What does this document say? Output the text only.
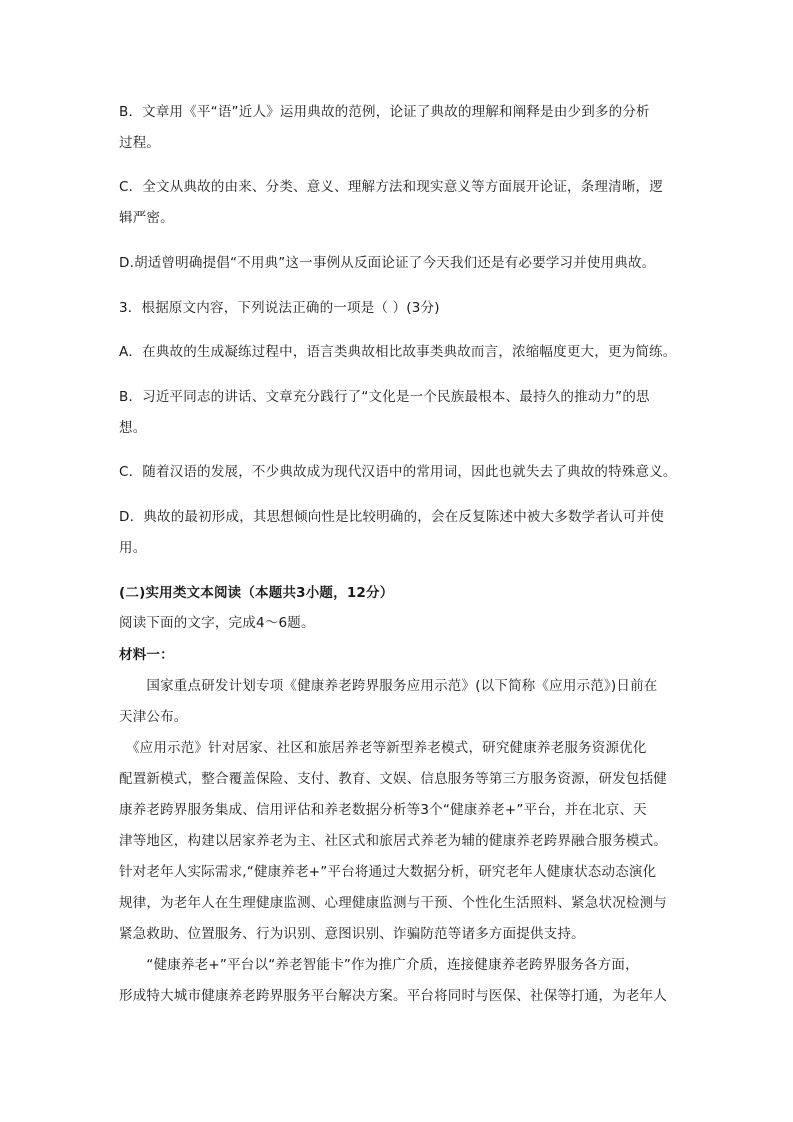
B．文章用《平“语”近人》运用典故的范例，论证了典故的理解和阐释是由少到多的分析
过程。
C．全文从典故的由来、分类、意义、理解方法和现实意义等方面展开论证，条理清晰，逻
辑严密。
D.胡适曾明确提倡“不用典”这一事例从反面论证了今天我们还是有必要学习并使用典故。
3．根据原文内容，下列说法正确的一项是（ ）(3分)
A．在典故的生成凝练过程中，语言类典故相比故事类典故而言，浓缩幅度更大，更为简练。
B．习近平同志的讲话、文章充分践行了“文化是一个民族最根本、最持久的推动力”的思
想。
C．随着汉语的发展，不少典故成为现代汉语中的常用词，因此也就失去了典故的特殊意义。
D．典故的最初形成，其思想倾向性是比较明确的，会在反复陈述中被大多数学者认可并使
用。
(二)实用类文本阅读（本题共3小题，12分）
阅读下面的文字，完成4～6题。
材料一：
　　国家重点研发计划专项《健康养老跨界服务应用示范》(以下简称《应用示范》)日前在
天津公布。
　《应用示范》针对居家、社区和旅居养老等新型养老模式，研究健康养老服务资源优化
配置新模式，整合覆盖保险、支付、教育、文娱、信息服务等第三方服务资源，研发包括健
康养老跨界服务集成、信用评估和养老数据分析等3个“健康养老+”平台，并在北京、天
津等地区，构建以居家养老为主、社区式和旅居式养老为辅的健康养老跨界融合服务模式。
针对老年人实际需求,“健康养老+”平台将通过大数据分析，研究老年人健康状态动态演化
规律，为老年人在生理健康监测、心理健康监测与干预、个性化生活照料、紧急状况检测与
紧急救助、位置服务、行为识别、意图识别、诈骗防范等诸多方面提供支持。
　　“健康养老+”平台以“养老智能卡”作为推广介质，连接健康养老跨界服务各方面，
形成特大城市健康养老跨界服务平台解决方案。平台将同时与医保、社保等打通，为老年人
